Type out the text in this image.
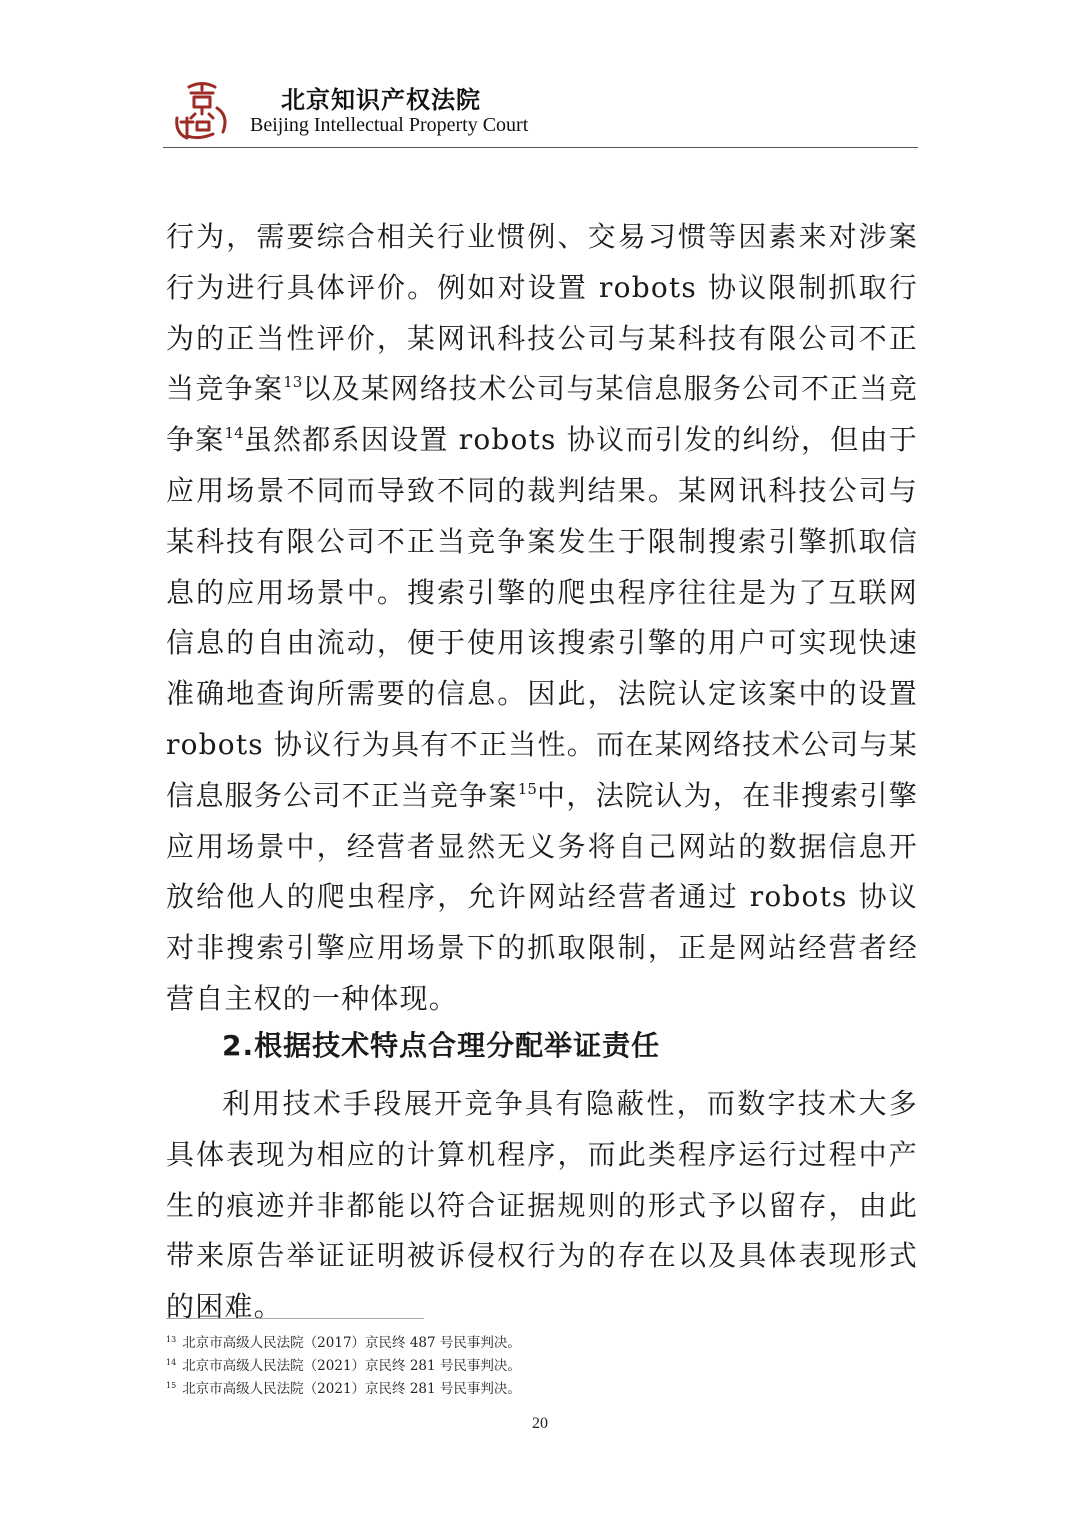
北京知识产权法院
Beijing Intellectual Property Court

行为，需要综合相关行业惯例、交易习惯等因素来对涉案行为进行具体评价。例如对设置 robots 协议限制抓取行为的正当性评价，某网讯科技公司与某科技有限公司不正当竞争案$^{13}$以及某网络技术公司与某信息服务公司不正当竞争案$^{14}$虽然都系因设置 robots 协议而引发的纠纷，但由于应用场景不同而导致不同的裁判结果。某网讯科技公司与某科技有限公司不正当竞争案发生于限制搜索引擎抓取信息的应用场景中。搜索引擎的爬虫程序往往是为了互联网信息的自由流动，便于使用该搜索引擎的用户可实现快速准确地查询所需要的信息。因此，法院认定该案中的设置 robots 协议行为具有不正当性。而在某网络技术公司与某信息服务公司不正当竞争案$^{15}$中，法院认为，在非搜索引擎应用场景中，经营者显然无义务将自己网站的数据信息开放给他人的爬虫程序，允许网站经营者通过 robots 协议对非搜索引擎应用场景下的抓取限制，正是网站经营者经营自主权的一种体现。

2.根据技术特点合理分配举证责任

利用技术手段展开竞争具有隐蔽性，而数字技术大多具体表现为相应的计算机程序，而此类程序运行过程中产生的痕迹并非都能以符合证据规则的形式予以留存，由此带来原告举证证明被诉侵权行为的存在以及具体表现形式的困难。

$^{13}$ 北京市高级人民法院（2017）京民终 487 号民事判决。
$^{14}$ 北京市高级人民法院（2021）京民终 281 号民事判决。
$^{15}$ 北京市高级人民法院（2021）京民终 281 号民事判决。
20
